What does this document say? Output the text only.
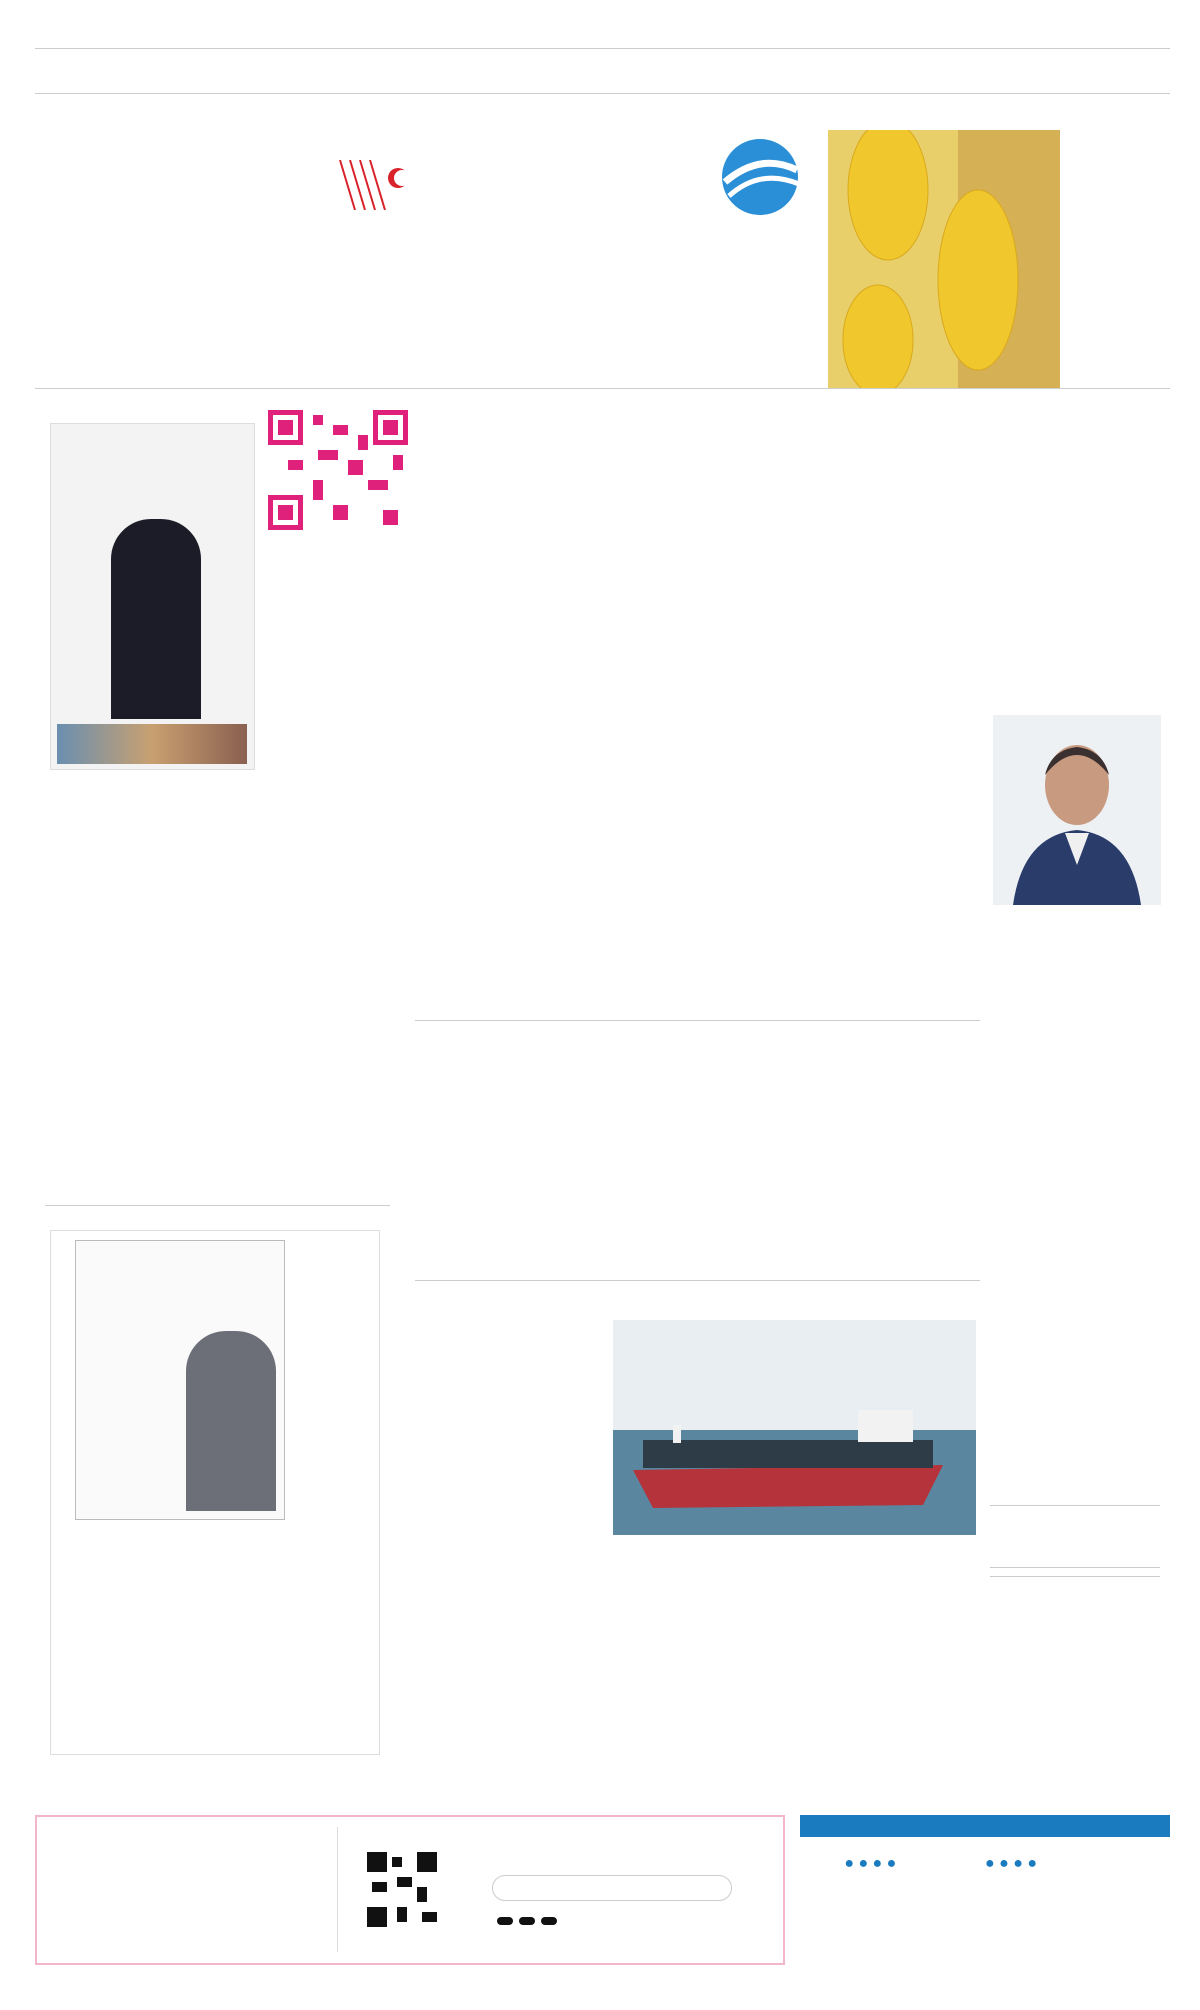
● ● ● ●	● ● ● ●
